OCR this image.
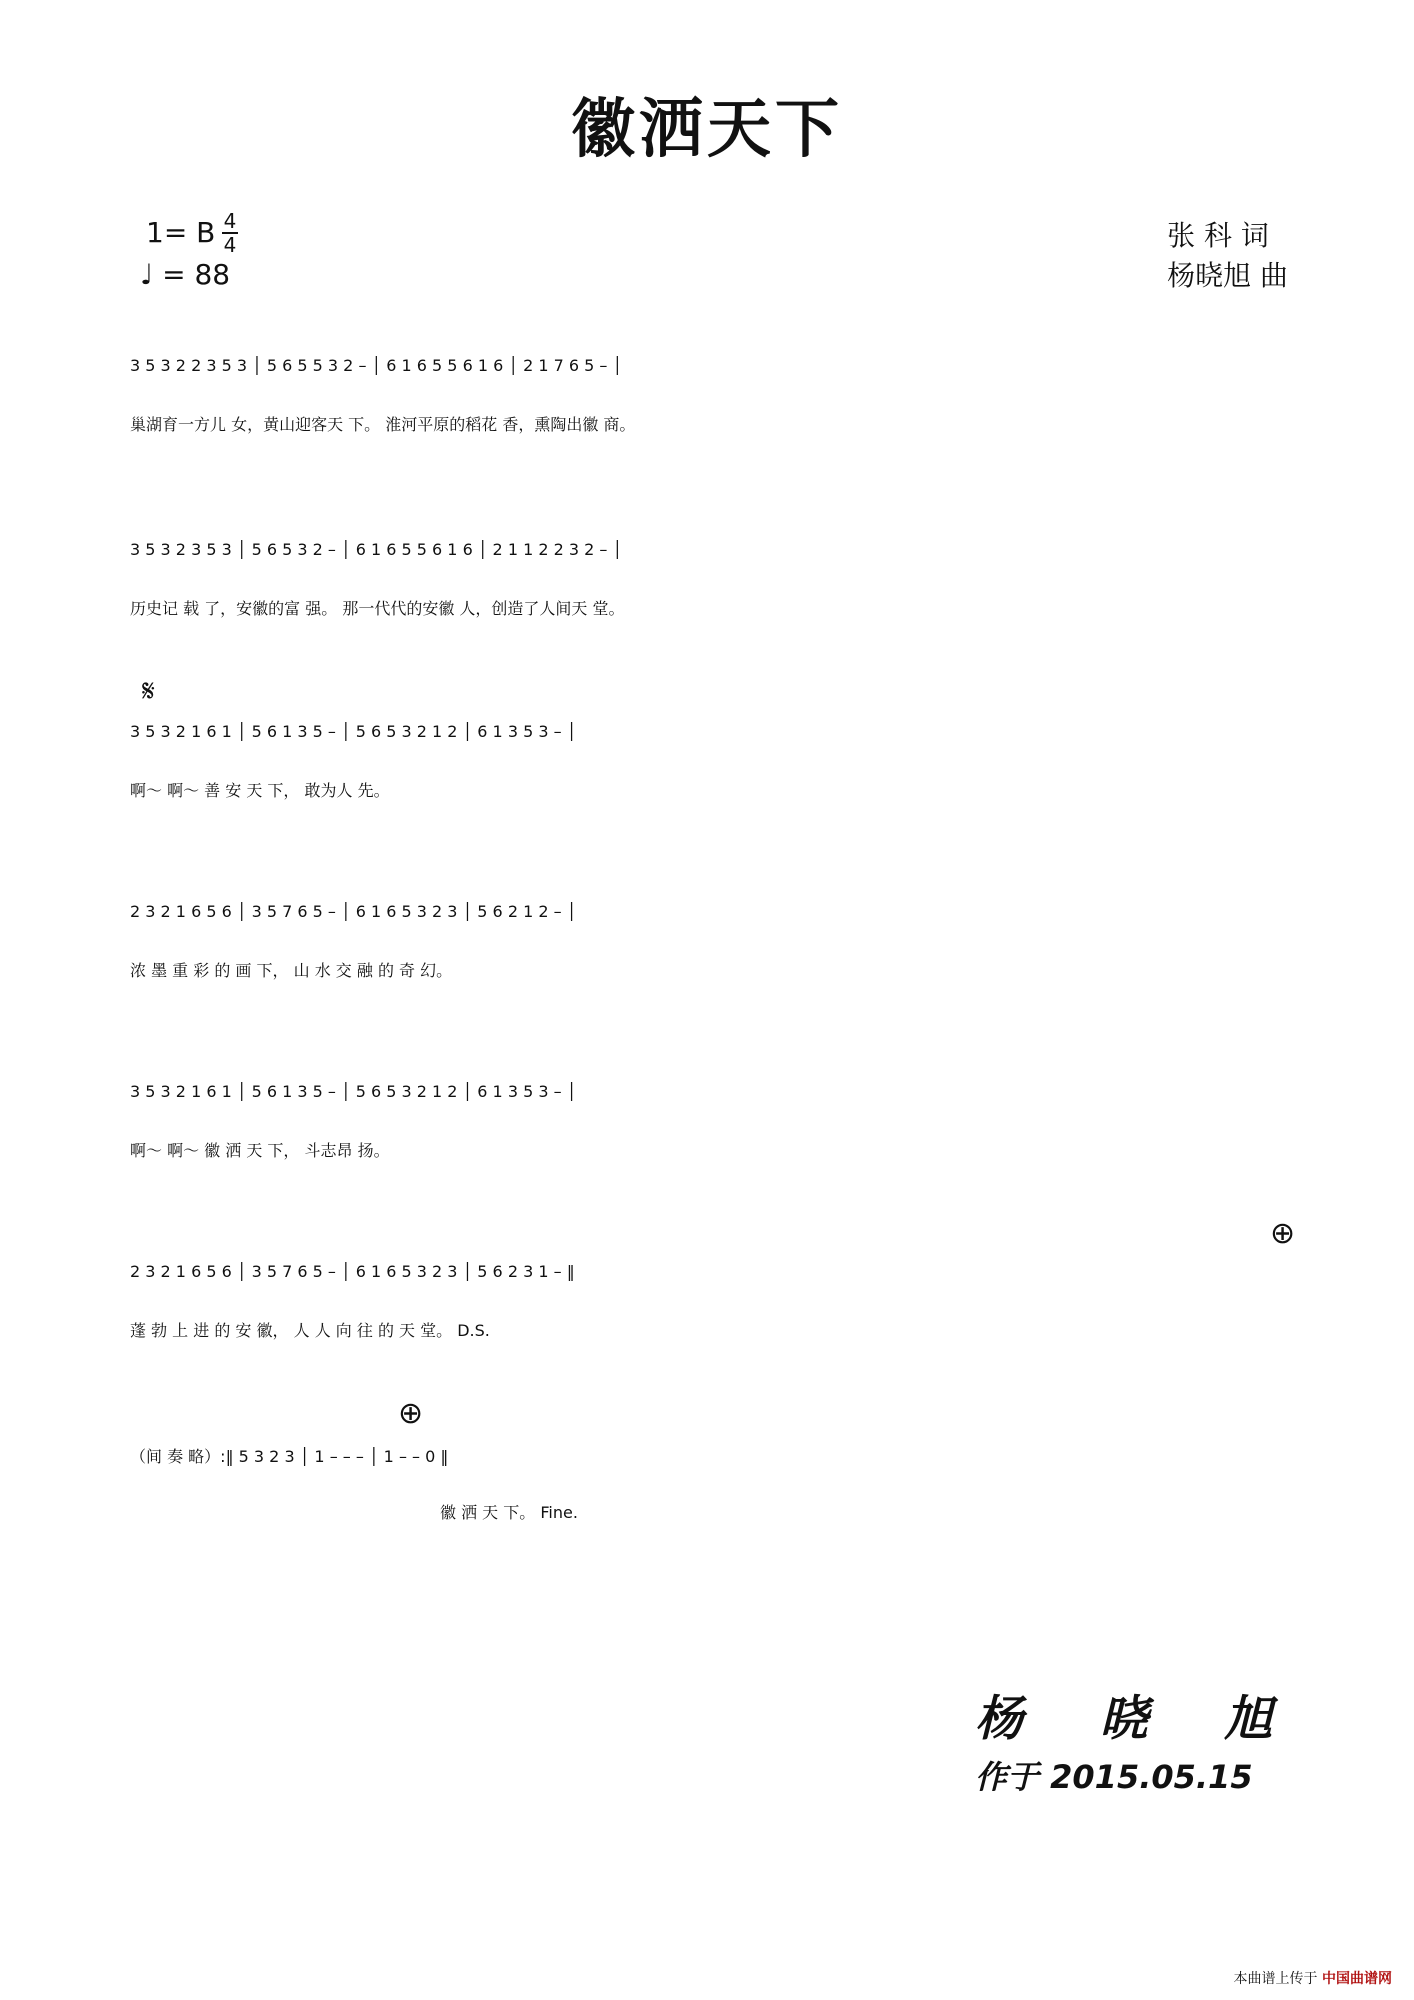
徽洒天下
1= B 4
4
♩ = 88
张 科 词
杨晓旭 曲
3 5 3 2 2 3 5 3 │ 5 6 5 5 3 2 – │ 6 1 6 5 5 6 1 6 │ 2 1 7 6 5 – │
巢湖育一方儿 女，黄山迎客天 下。 淮河平原的稻花 香，熏陶出徽 商。
3 5 3 2 3 5 3 │ 5 6 5 3 2 – │ 6 1 6 5 5 6 1 6 │ 2 1 1 2 2 3 2 – │
历史记 载 了，安徽的富 强。 那一代代的安徽 人，创造了人间天 堂。
𝄋
3 5 3 2 1 6 1 │ 5 6 1 3 5 – │ 5 6 5 3 2 1 2 │ 6 1 3 5 3 – │
啊～ 啊～ 善 安 天 下， 敢为人 先。
2 3 2 1 6 5 6 │ 3 5 7 6 5 – │ 6 1 6 5 3 2 3 │ 5 6 2 1 2 – │
浓 墨 重 彩 的 画 下， 山 水 交 融 的 奇 幻。
3 5 3 2 1 6 1 │ 5 6 1 3 5 – │ 5 6 5 3 2 1 2 │ 6 1 3 5 3 – │
啊～ 啊～ 徽 洒 天 下， 斗志昂 扬。
⊕
2 3 2 1 6 5 6 │ 3 5 7 6 5 – │ 6 1 6 5 3 2 3 │ 5 6 2 3 1 – ‖
蓬 勃 上 进 的 安 徽， 人 人 向 往 的 天 堂。 D.S.
⊕
（间 奏 略）:‖ 5 3 2 3 │ 1 – – – │ 1 – – 0 ‖
徽 洒 天 下。 Fine.
杨 晓 旭
作于 2015.05.15
本曲谱上传于 中国曲谱网
